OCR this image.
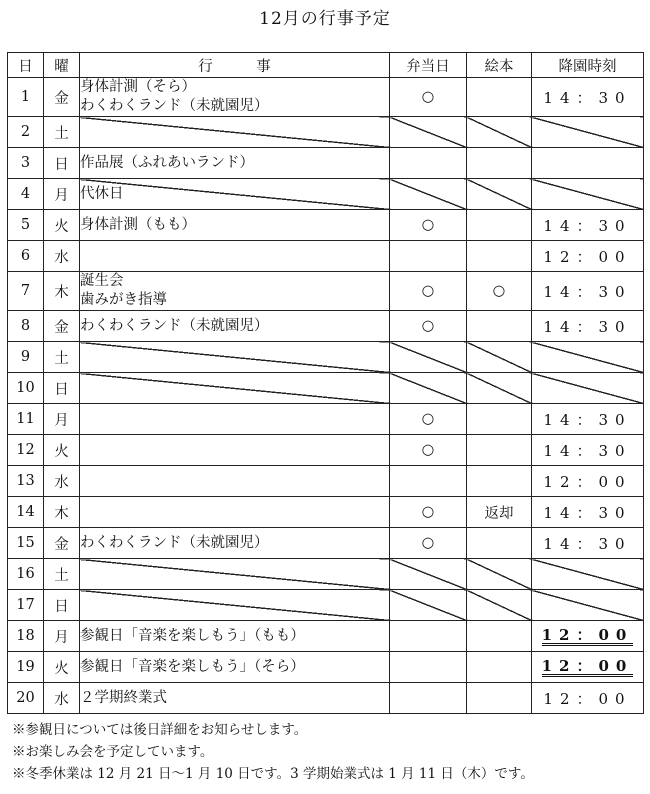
12月の行事予定
日	曜	行　　　事	弁当日	絵本	降園時刻
1	金	身体計測（そら）
わくわくランド（未就園児）	○		14：30
2	土				
3	日	作品展（ふれあいランド）			

4	月	代休日			

5	火	身体計測（もも）	○		14：30
6	水				12：00
7	木	誕生会
歯みがき指導	○	○	14：30
8	金	わくわくランド（未就園児）	○		14：30
9	土				
10	日				
11	月		○		14：30
12	火		○		14：30
13	水				12：00
14	木		○	返却	14：30
15	金	わくわくランド（未就園児）	○		14：30
16	土				
17	日				
18	月	参観日「音楽を楽しもう」（もも）			12：00
19	火	参観日「音楽を楽しもう」（そら）			12：00
20	水	２学期終業式			12：00

※参観日については後日詳細をお知らせします。

※お楽しみ会を予定しています。

※冬季休業は 12 月 21 日～1 月 10 日です。3 学期始業式は 1 月 11 日（木）です。
